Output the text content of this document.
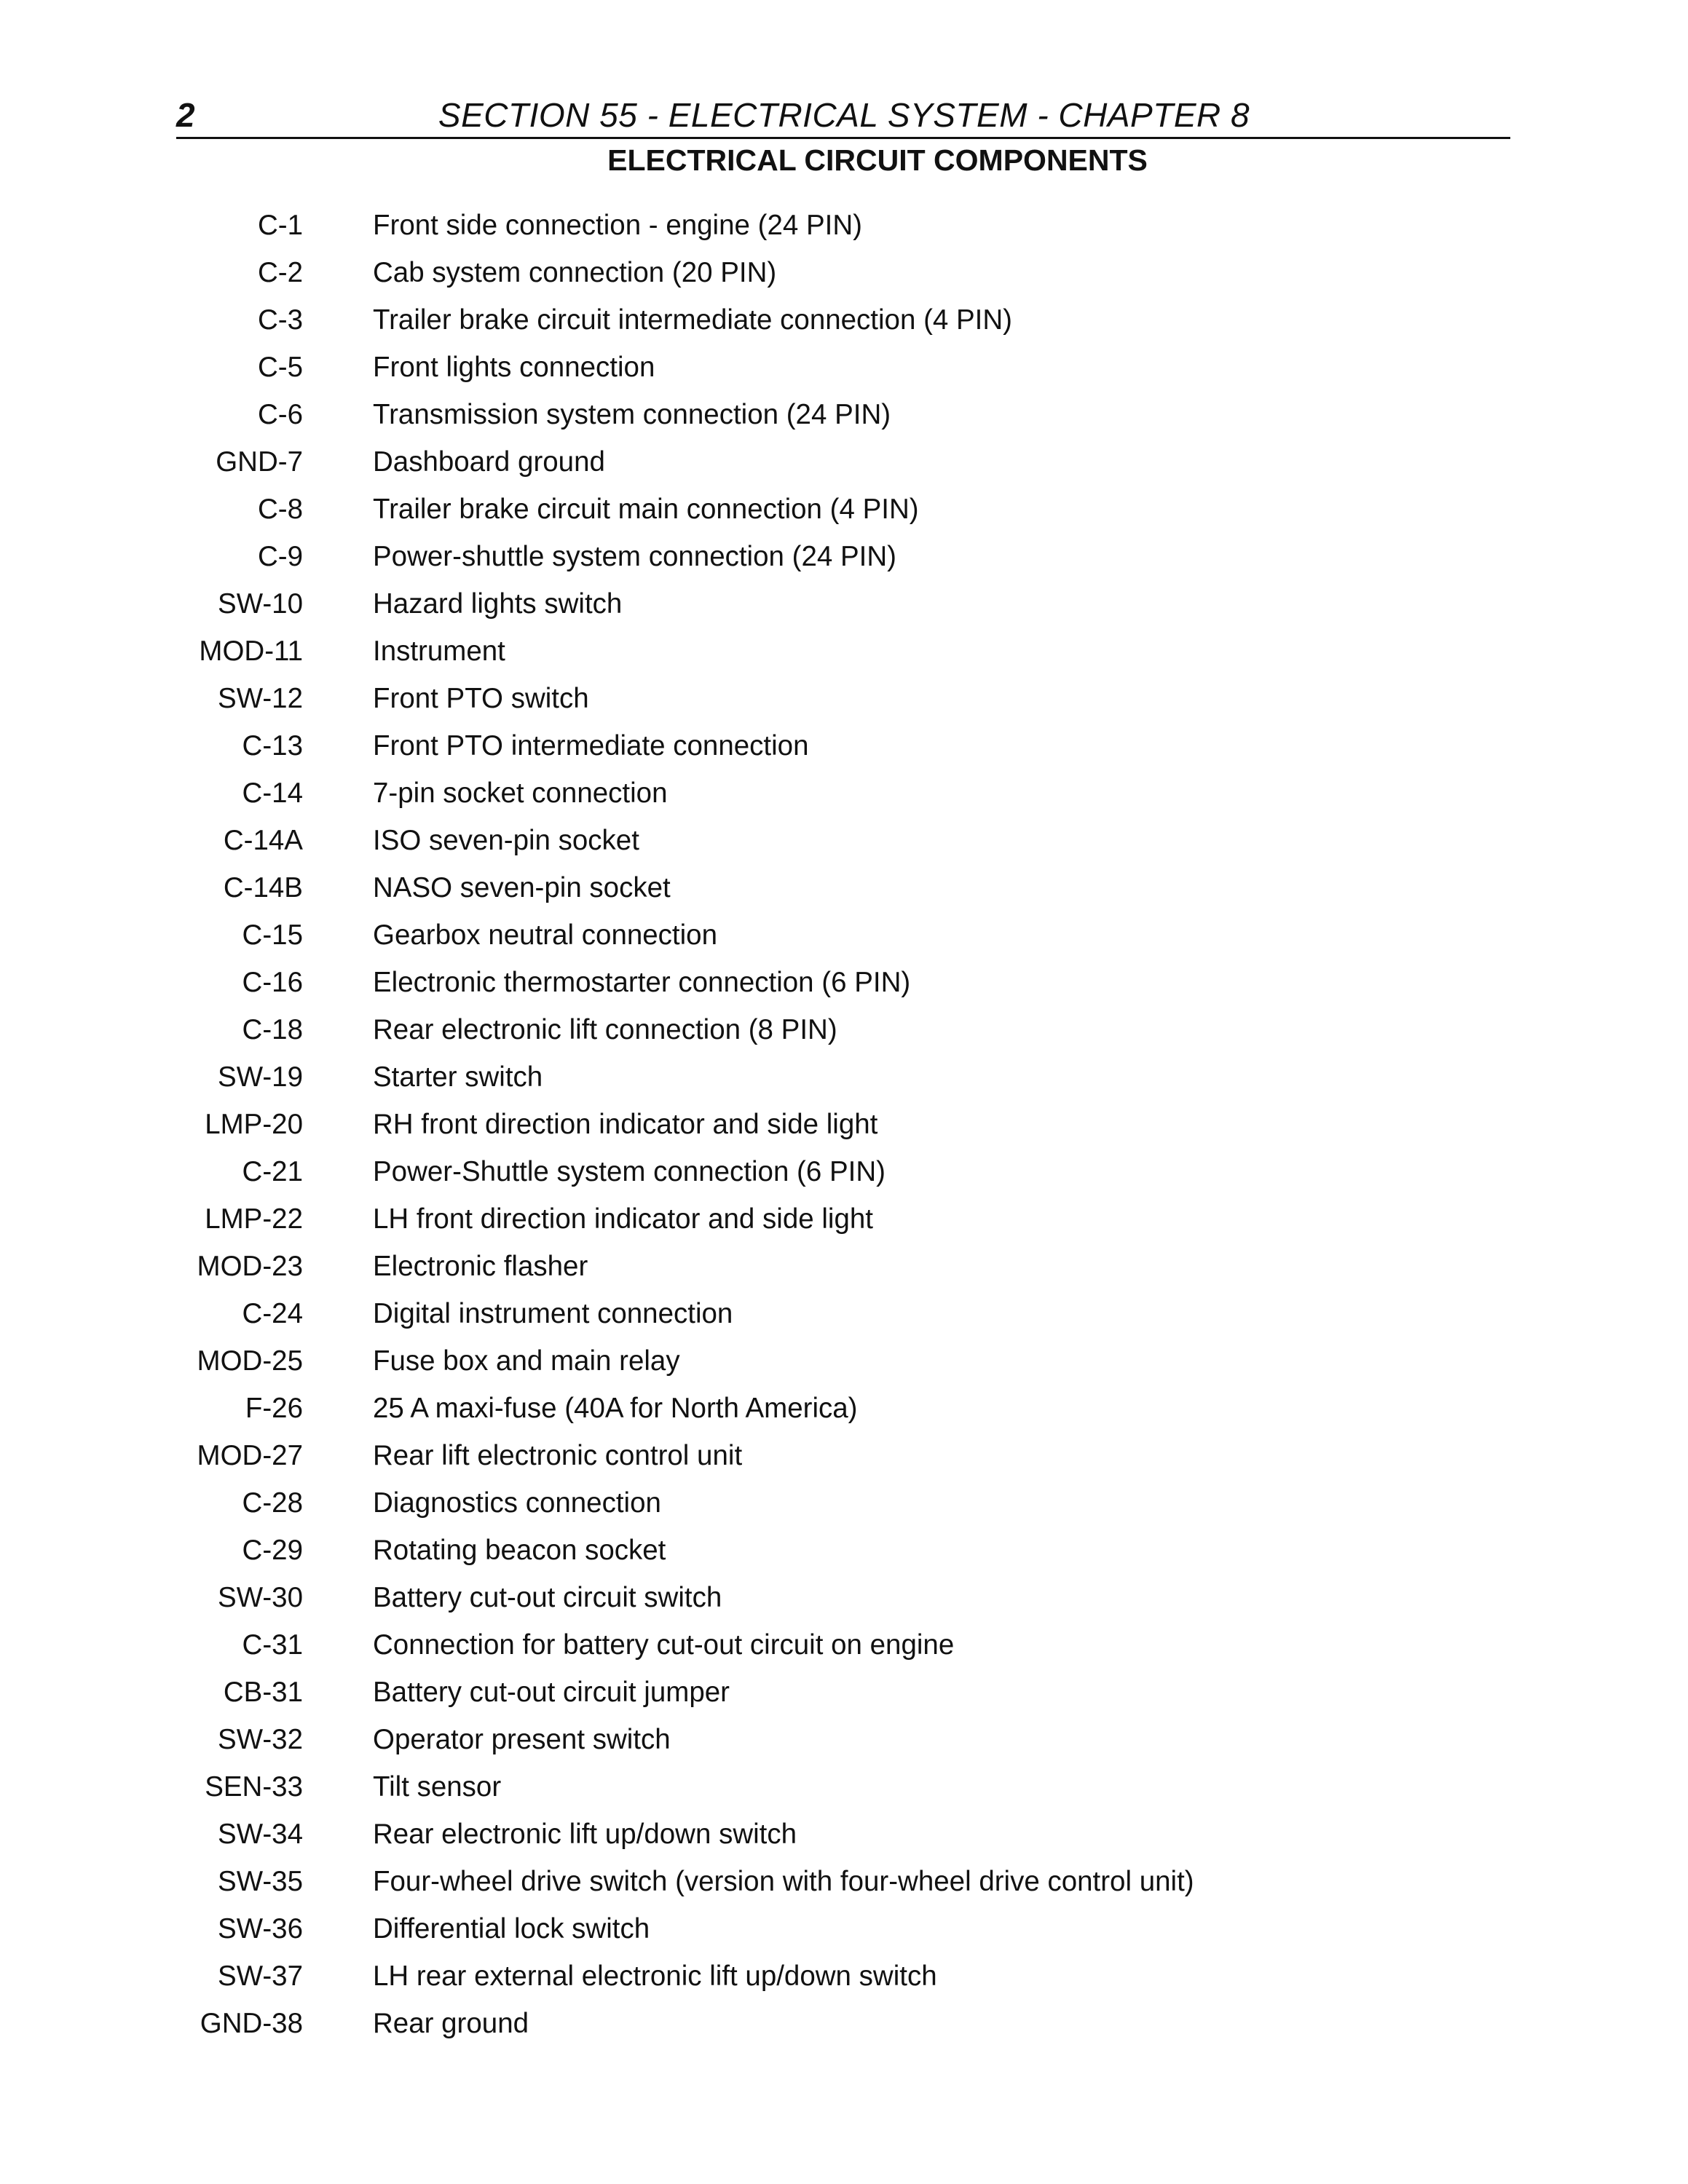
2	SECTION 55 - ELECTRICAL SYSTEM - CHAPTER 8
ELECTRICAL CIRCUIT COMPONENTS
C-1 Front side connection - engine (24 PIN)
C-2 Cab system connection (20 PIN)
C-3 Trailer brake circuit intermediate connection (4 PIN)
C-5 Front lights connection
C-6 Transmission system connection (24 PIN)
GND-7 Dashboard ground
C-8 Trailer brake circuit main connection (4 PIN)
C-9 Power-shuttle system connection (24 PIN)
SW-10 Hazard lights switch
MOD-11 Instrument
SW-12 Front PTO switch
C-13 Front PTO intermediate connection
C-14 7-pin socket connection
C-14A ISO seven-pin socket
C-14B NASO seven-pin socket
C-15 Gearbox neutral connection
C-16 Electronic thermostarter connection (6 PIN)
C-18 Rear electronic lift connection (8 PIN)
SW-19 Starter switch
LMP-20 RH front direction indicator and side light
C-21 Power-Shuttle system connection (6 PIN)
LMP-22 LH front direction indicator and side light
MOD-23 Electronic flasher
C-24 Digital instrument connection
MOD-25 Fuse box and main relay
F-26 25 A maxi-fuse (40A for North America)
MOD-27 Rear lift electronic control unit
C-28 Diagnostics connection
C-29 Rotating beacon socket
SW-30 Battery cut-out circuit switch
C-31 Connection for battery cut-out circuit on engine
CB-31 Battery cut-out circuit jumper
SW-32 Operator present switch
SEN-33 Tilt sensor
SW-34 Rear electronic lift up/down switch
SW-35 Four-wheel drive switch (version with four-wheel drive control unit)
SW-36 Differential lock switch
SW-37 LH rear external electronic lift up/down switch
GND-38 Rear ground
